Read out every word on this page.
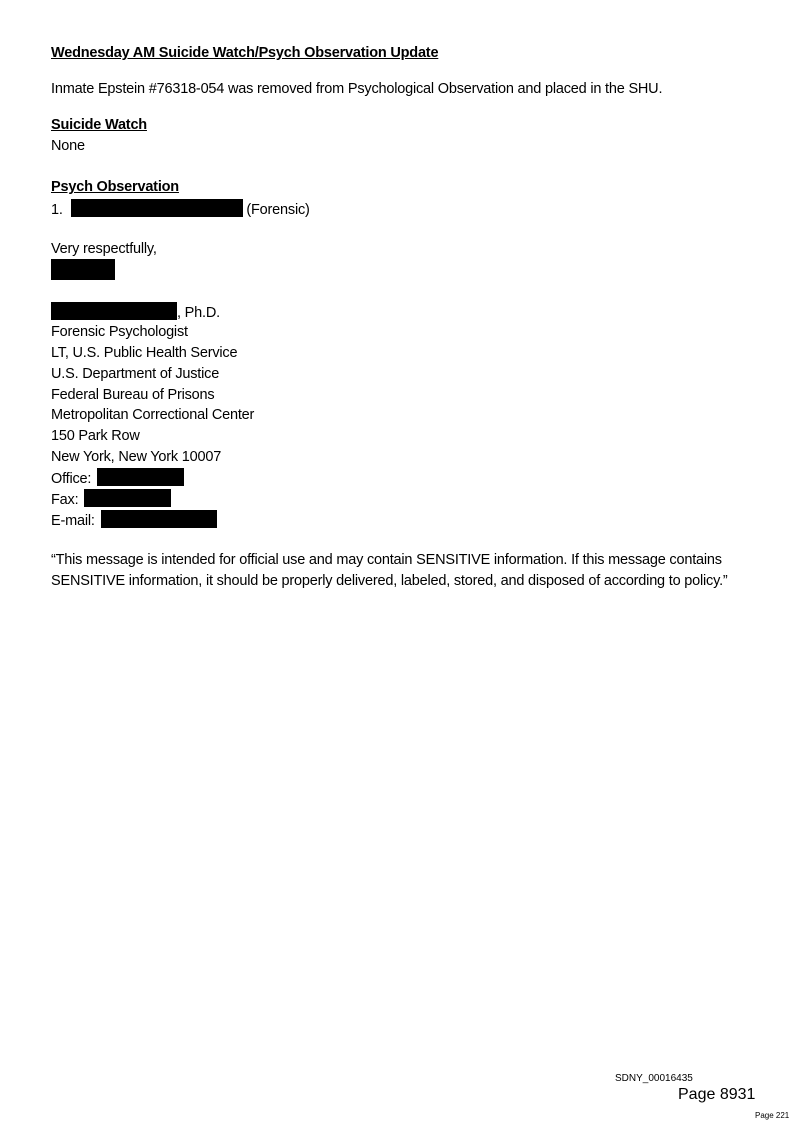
Wednesday AM Suicide Watch/Psych Observation Update
Inmate Epstein #76318-054 was removed from Psychological Observation and placed in the SHU.
Suicide Watch
None
Psych Observation
1.	(Forensic)
Very respectfully,
, Ph.D.
Forensic Psychologist
LT, U.S. Public Health Service
U.S. Department of Justice
Federal Bureau of Prisons
Metropolitan Correctional Center
150 Park Row
New York, New York 10007
Office:
Fax:
E-mail:
“This message is intended for official use and may contain SENSITIVE information. If this message contains SENSITIVE information, it should be properly delivered, labeled, stored, and disposed of according to policy.”
SDNY_00016435
Page 8931
Page 221
